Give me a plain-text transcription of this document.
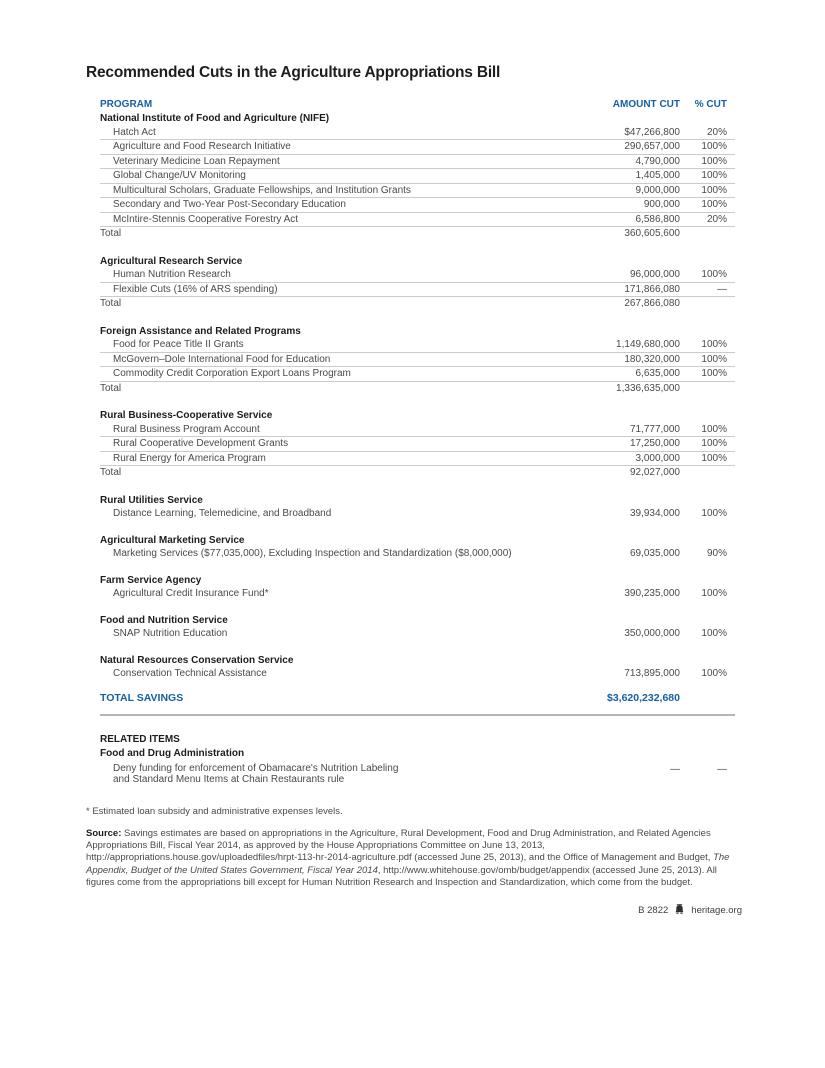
Recommended Cuts in the Agriculture Appropriations Bill
PROGRAM	AMOUNT CUT	% CUT
National Institute of Food and Agriculture (NIFE)
Hatch Act	$47,266,800	20%
Agriculture and Food Research Initiative	290,657,000	100%
Veterinary Medicine Loan Repayment	4,790,000	100%
Global Change/UV Monitoring	1,405,000	100%
Multicultural Scholars, Graduate Fellowships, and Institution Grants	9,000,000	100%
Secondary and Two-Year Post-Secondary Education	900,000	100%
McIntire-Stennis Cooperative Forestry Act	6,586,800	20%
Total	360,605,600
Agricultural Research Service
Human Nutrition Research	96,000,000	100%
Flexible Cuts (16% of ARS spending)	171,866,080	—
Total	267,866,080
Foreign Assistance and Related Programs
Food for Peace Title II Grants	1,149,680,000	100%
McGovern–Dole International Food for Education	180,320,000	100%
Commodity Credit Corporation Export Loans Program	6,635,000	100%
Total	1,336,635,000
Rural Business-Cooperative Service
Rural Business Program Account	71,777,000	100%
Rural Cooperative Development Grants	17,250,000	100%
Rural Energy for America Program	3,000,000	100%
Total	92,027,000
Rural Utilities Service
Distance Learning, Telemedicine, and Broadband	39,934,000	100%
Agricultural Marketing Service
Marketing Services ($77,035,000), Excluding Inspection and Standardization ($8,000,000)	69,035,000	90%
Farm Service Agency
Agricultural Credit Insurance Fund*	390,235,000	100%
Food and Nutrition Service
SNAP Nutrition Education	350,000,000	100%
Natural Resources Conservation Service
Conservation Technical Assistance	713,895,000	100%
TOTAL SAVINGS	$3,620,232,680
RELATED ITEMS
Food and Drug Administration
Deny funding for enforcement of Obamacare's Nutrition Labeling
and Standard Menu Items at Chain Restaurants rule
—	—

* Estimated loan subsidy and administrative expenses levels.

Source: Savings estimates are based on appropriations in the Agriculture, Rural Development, Food and Drug Administration, and Related Agencies Appropriations Bill, Fiscal Year 2014, as approved by the House Appropriations Committee on June 13, 2013, http://appropriations.house.gov/uploadedfiles/hrpt-113-hr-2014-agriculture.pdf (accessed June 25, 2013), and the Office of Management and Budget, The Appendix, Budget of the United States Government, Fiscal Year 2014, http://www.whitehouse.gov/omb/budget/appendix (accessed June 25, 2013). All figures come from the appropriations bill except for Human Nutrition Research and Inspection and Standardization, which come from the budget.

B 2822 heritage.org
